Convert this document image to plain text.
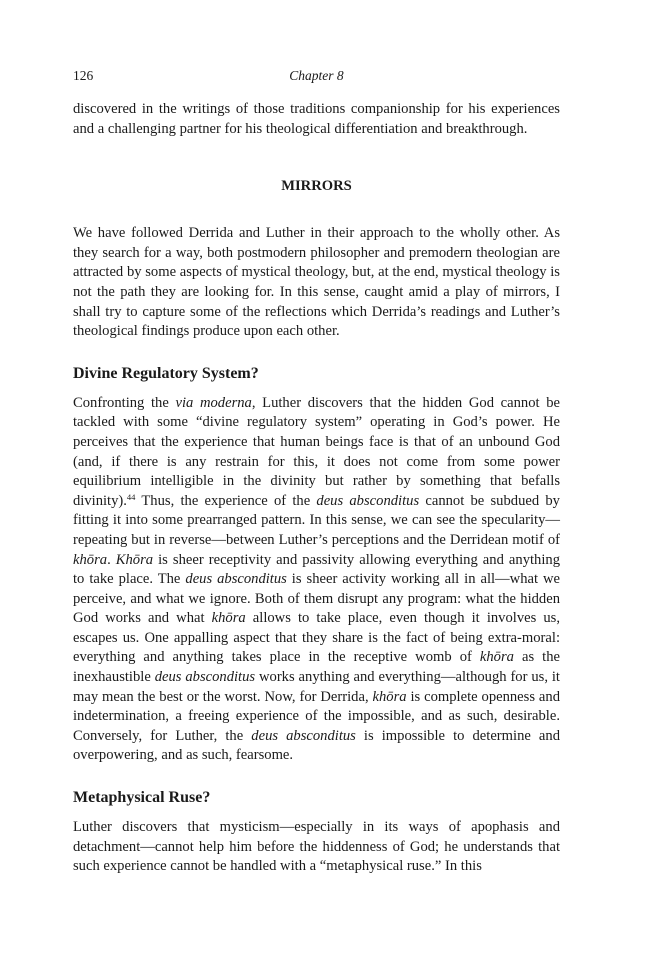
126	Chapter 8

discovered in the writings of those traditions companionship for his experiences and a challenging partner for his theological differentiation and breakthrough.

MIRRORS

We have followed Derrida and Luther in their approach to the wholly other. As they search for a way, both postmodern philosopher and premodern theologian are attracted by some aspects of mystical theology, but, at the end, mystical theology is not the path they are looking for. In this sense, caught amid a play of mirrors, I shall try to capture some of the reflections which Derrida’s readings and Luther’s theological findings produce upon each other.

Divine Regulatory System?

Confronting the via moderna, Luther discovers that the hidden God cannot be tackled with some “divine regulatory system” operating in God’s power. He perceives that the experience that human beings face is that of an unbound God (and, if there is any restrain for this, it does not come from some power equilibrium intelligible in the divinity but rather by something that befalls divinity).$^{44}$ Thus, the experience of the deus absconditus cannot be subdued by fitting it into some prearranged pattern. In this sense, we can see the specularity—repeating but in reverse—between Luther’s perceptions and the Derridean motif of khōra. Khōra is sheer receptivity and passivity allowing everything and anything to take place. The deus absconditus is sheer activity working all in all—what we perceive, and what we ignore. Both of them disrupt any program: what the hidden God works and what khōra allows to take place, even though it involves us, escapes us. One appalling aspect that they share is the fact of being extra-moral: everything and anything takes place in the receptive womb of khōra as the inexhaustible deus absconditus works anything and everything—although for us, it may mean the best or the worst. Now, for Derrida, khōra is complete openness and indetermination, a freeing experience of the impossible, and as such, desirable. Conversely, for Luther, the deus absconditus is impossible to determine and overpowering, and as such, fearsome.

Metaphysical Ruse?

Luther discovers that mysticism—especially in its ways of apophasis and detachment—cannot help him before the hiddenness of God; he understands that such experience cannot be handled with a “metaphysical ruse.” In this
